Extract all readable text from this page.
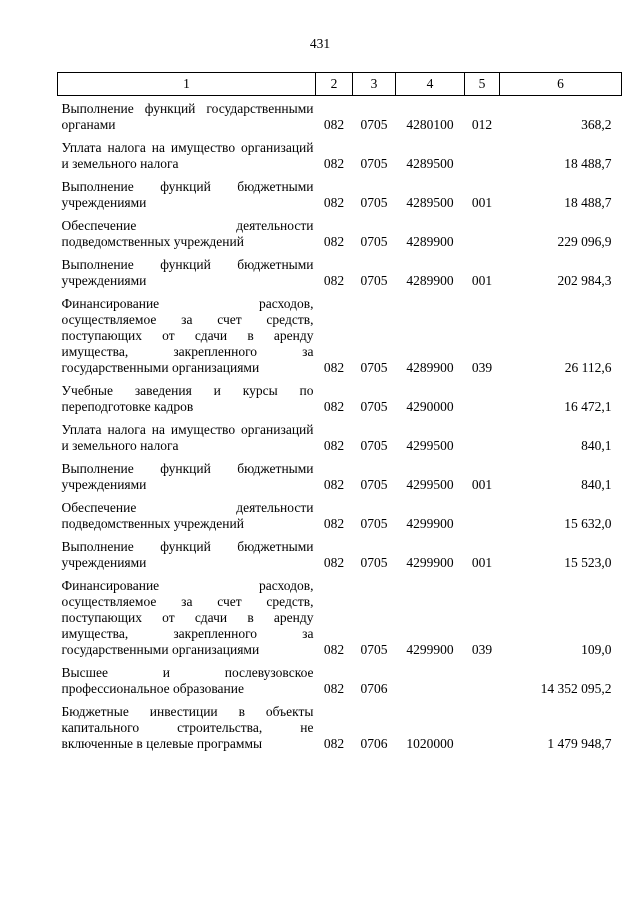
431
1	2	3	4	5	6
Выполнение функций государственными органами	082	0705	4280100	012	368,2
Уплата налога на имущество организаций и земельного налога	082	0705	4289500		18 488,7
Выполнение функций бюджетными учреждениями	082	0705	4289500	001	18 488,7
Обеспечение деятельности подведомственных учреждений	082	0705	4289900		229 096,9
Выполнение функций бюджетными учреждениями	082	0705	4289900	001	202 984,3
Финансирование расходов, осуществляемое за счет средств, поступающих от сдачи в аренду имущества, закрепленного за государственными организациями	082	0705	4289900	039	26 112,6
Учебные заведения и курсы по переподготовке кадров	082	0705	4290000		16 472,1
Уплата налога на имущество организаций и земельного налога	082	0705	4299500		840,1
Выполнение функций бюджетными учреждениями	082	0705	4299500	001	840,1
Обеспечение деятельности подведомственных учреждений	082	0705	4299900		15 632,0
Выполнение функций бюджетными учреждениями	082	0705	4299900	001	15 523,0
Финансирование расходов, осуществляемое за счет средств, поступающих от сдачи в аренду имущества, закрепленного за государственными организациями	082	0705	4299900	039	109,0
Высшее и послевузовское профессиональное образование	082	0706			14 352 095,2
Бюджетные инвестиции в объекты капитального строительства, не включенные в целевые программы	082	0706	1020000		1 479 948,7
